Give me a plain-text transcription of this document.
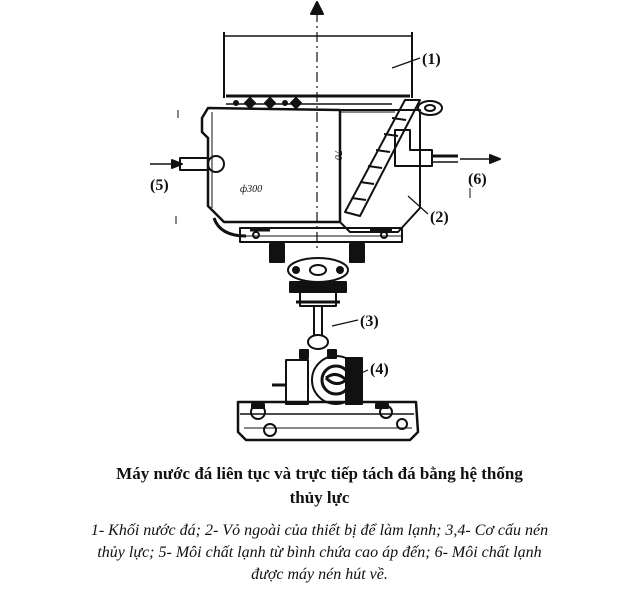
(1)
(2)
(3)
(4)
(5)	(6)
ф300
70
Máy nước đá liên tục và trực tiếp tách đá bằng hệ thống
thủy lực
1- Khối nước đá; 2- Vỏ ngoài của thiết bị để làm lạnh; 3,4- Cơ cấu nén
thủy lực; 5- Môi chất lạnh từ bình chứa cao áp đến; 6- Môi chất lạnh
được máy nén hút về.
